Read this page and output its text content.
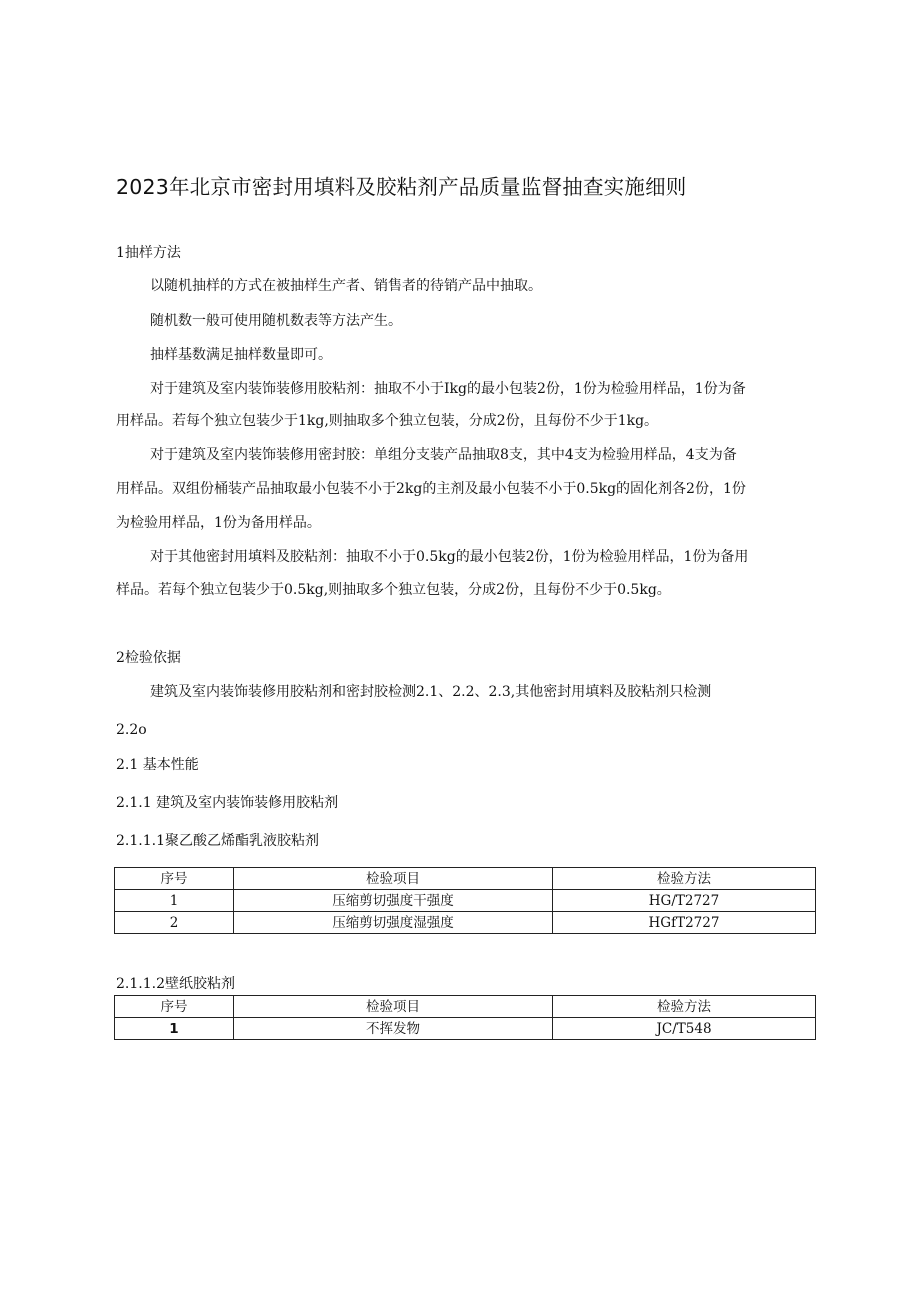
2023年北京市密封用填料及胶粘剂产品质量监督抽查实施细则
1抽样方法
以随机抽样的方式在被抽样生产者、销售者的待销产品中抽取。
随机数一般可使用随机数表等方法产生。
抽样基数满足抽样数量即可。
对于建筑及室内装饰装修用胶粘剂：抽取不小于Ikg的最小包装2份，1份为检验用样品，1份为备
用样品。若每个独立包装少于1kg,则抽取多个独立包装，分成2份，且每份不少于1kg。
对于建筑及室内装饰装修用密封胶：单组分支装产品抽取8支，其中4支为检验用样品，4支为备
用样品。双组份桶装产品抽取最小包装不小于2kg的主剂及最小包装不小于0.5kg的固化剂各2份，1份
为检验用样品，1份为备用样品。
对于其他密封用填料及胶粘剂：抽取不小于0.5kg的最小包装2份，1份为检验用样品，1份为备用
样品。若每个独立包装少于0.5kg,则抽取多个独立包装，分成2份，且每份不少于0.5kg。
2检验依据
建筑及室内装饰装修用胶粘剂和密封胶检测2.1、2.2、2.3,其他密封用填料及胶粘剂只检测
2.2o
2.1 基本性能
2.1.1 建筑及室内装饰装修用胶粘剂
2.1.1.1聚乙酸乙烯酯乳液胶粘剂
序号	检验项目	检验方法
1	压缩剪切强度干强度	HG/T2727
2	压缩剪切强度湿强度	HGfT2727
2.1.1.2壁纸胶粘剂
序号	检验项目	检验方法
1	不挥发物	JC/T548
